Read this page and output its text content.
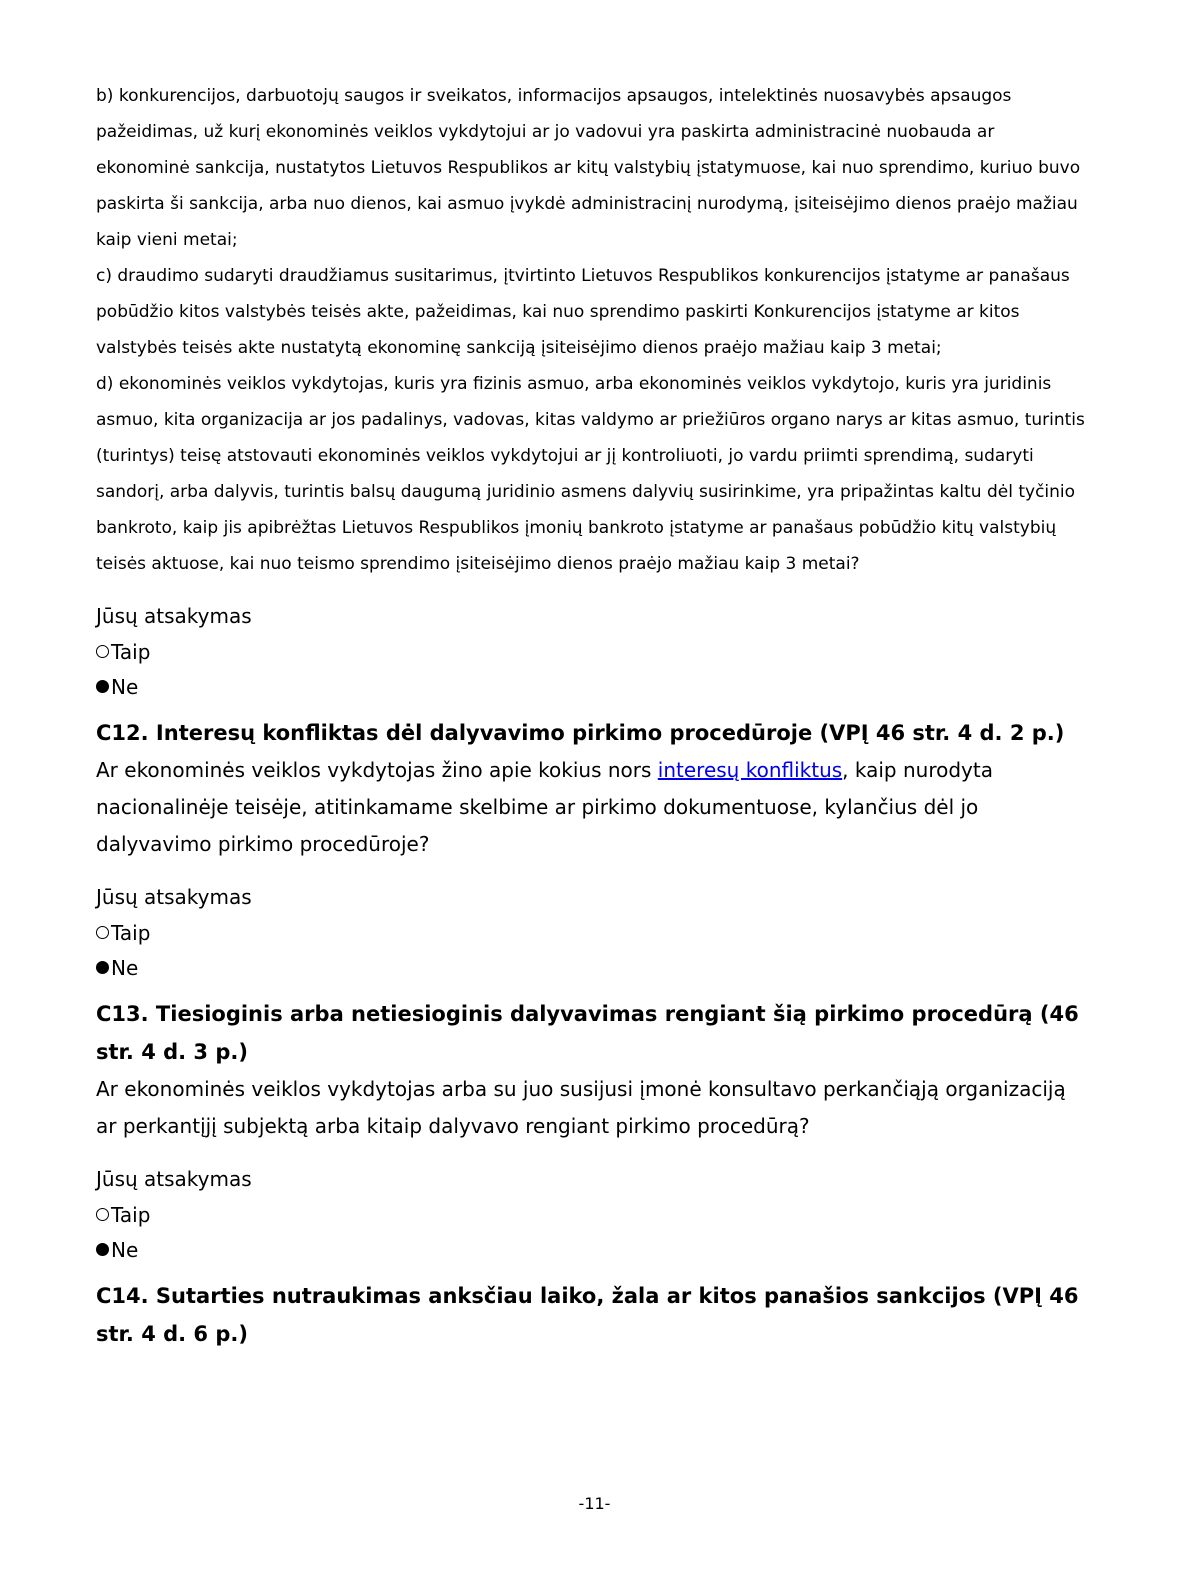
b) konkurencijos, darbuotojų saugos ir sveikatos, informacijos apsaugos, intelektinės nuosavybės apsaugos pažeidimas, už kurį ekonominės veiklos vykdytojui ar jo vadovui yra paskirta administracinė nuobauda ar ekonominė sankcija, nustatytos Lietuvos Respublikos ar kitų valstybių įstatymuose, kai nuo sprendimo, kuriuo buvo paskirta ši sankcija, arba nuo dienos, kai asmuo įvykdė administracinį nurodymą, įsiteisėjimo dienos praėjo mažiau kaip vieni metai;

c) draudimo sudaryti draudžiamus susitarimus, įtvirtinto Lietuvos Respublikos konkurencijos įstatyme ar panašaus pobūdžio kitos valstybės teisės akte, pažeidimas, kai nuo sprendimo paskirti Konkurencijos įstatyme ar kitos valstybės teisės akte nustatytą ekonominę sankciją įsiteisėjimo dienos praėjo mažiau kaip 3 metai;

d) ekonominės veiklos vykdytojas, kuris yra fizinis asmuo, arba ekonominės veiklos vykdytojo, kuris yra juridinis asmuo, kita organizacija ar jos padalinys, vadovas, kitas valdymo ar priežiūros organo narys ar kitas asmuo, turintis (turintys) teisę atstovauti ekonominės veiklos vykdytojui ar jį kontroliuoti, jo vardu priimti sprendimą, sudaryti sandorį, arba dalyvis, turintis balsų daugumą juridinio asmens dalyvių susirinkime, yra pripažintas kaltu dėl tyčinio bankroto, kaip jis apibrėžtas Lietuvos Respublikos įmonių bankroto įstatyme ar panašaus pobūdžio kitų valstybių teisės aktuose, kai nuo teismo sprendimo įsiteisėjimo dienos praėjo mažiau kaip 3 metai?

Jūsų atsakymas
Taip
Ne
C12. Interesų konfliktas dėl dalyvavimo pirkimo procedūroje (VPĮ 46 str. 4 d. 2 p.)

Ar ekonominės veiklos vykdytojas žino apie kokius nors interesų konfliktus, kaip nurodyta nacionalinėje teisėje, atitinkamame skelbime ar pirkimo dokumentuose, kylančius dėl jo dalyvavimo pirkimo procedūroje?

Jūsų atsakymas
Taip
Ne
C13. Tiesioginis arba netiesioginis dalyvavimas rengiant šią pirkimo procedūrą (46 str. 4 d. 3 p.)

Ar ekonominės veiklos vykdytojas arba su juo susijusi įmonė konsultavo perkančiąją organizaciją ar perkantįjį subjektą arba kitaip dalyvavo rengiant pirkimo procedūrą?

Jūsų atsakymas
Taip
Ne
C14. Sutarties nutraukimas anksčiau laiko, žala ar kitos panašios sankcijos (VPĮ 46 str. 4 d. 6 p.)
-11-
